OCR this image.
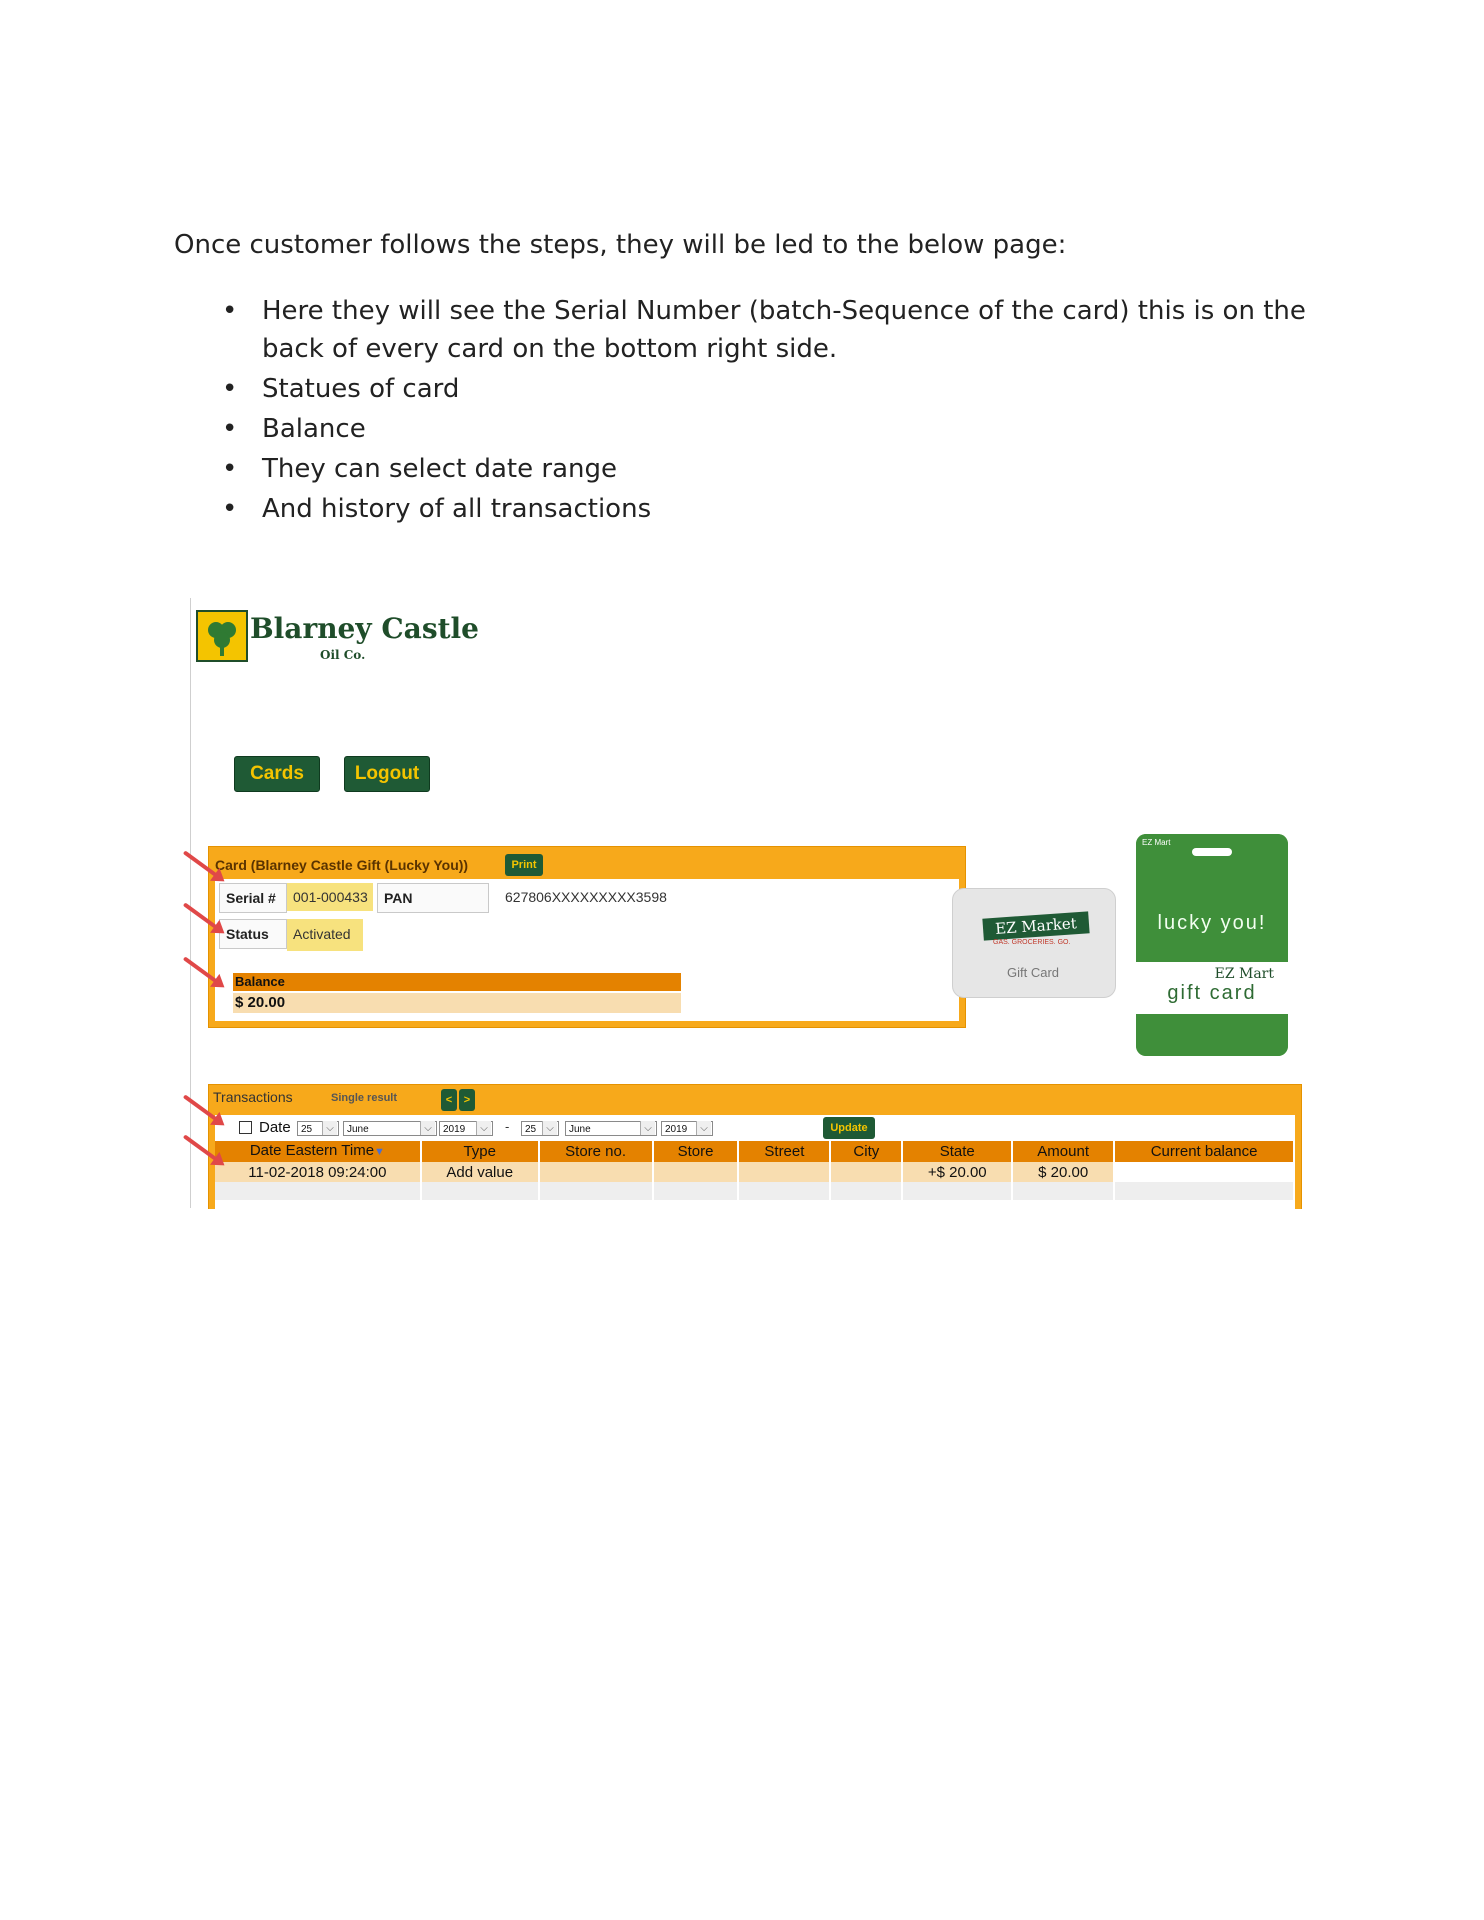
Once customer follows the steps, they will be led to the below page:
• Here they will see the Serial Number (batch-Sequence of the card) this is on the back of every card on the bottom right side.
• Statues of card
• Balance
• They can select date range
• And history of all transactions
Blarney Castle
Oil Co.
Cards	Logout
Card (Blarney Castle Gift (Lucky You))	Print
Serial #	001-000433	PAN	627806XXXXXXXXX3598
Status	Activated
Balance
$ 20.00
EZ Market
GAS. GROCERIES. GO.
Gift Card
EZ Mart
lucky you!
EZ Mart
gift card
Transactions	Single result	<	>
Date	25 ⌵	June ⌵	2019 ⌵	-	25 ⌵	June ⌵	2019 ⌵	Update
Date Eastern Time▼	Type	Store no.	Store	Street	City	State	Amount	Current balance
11-02-2018 09:24:00	Add value					+$ 20.00	$ 20.00	
